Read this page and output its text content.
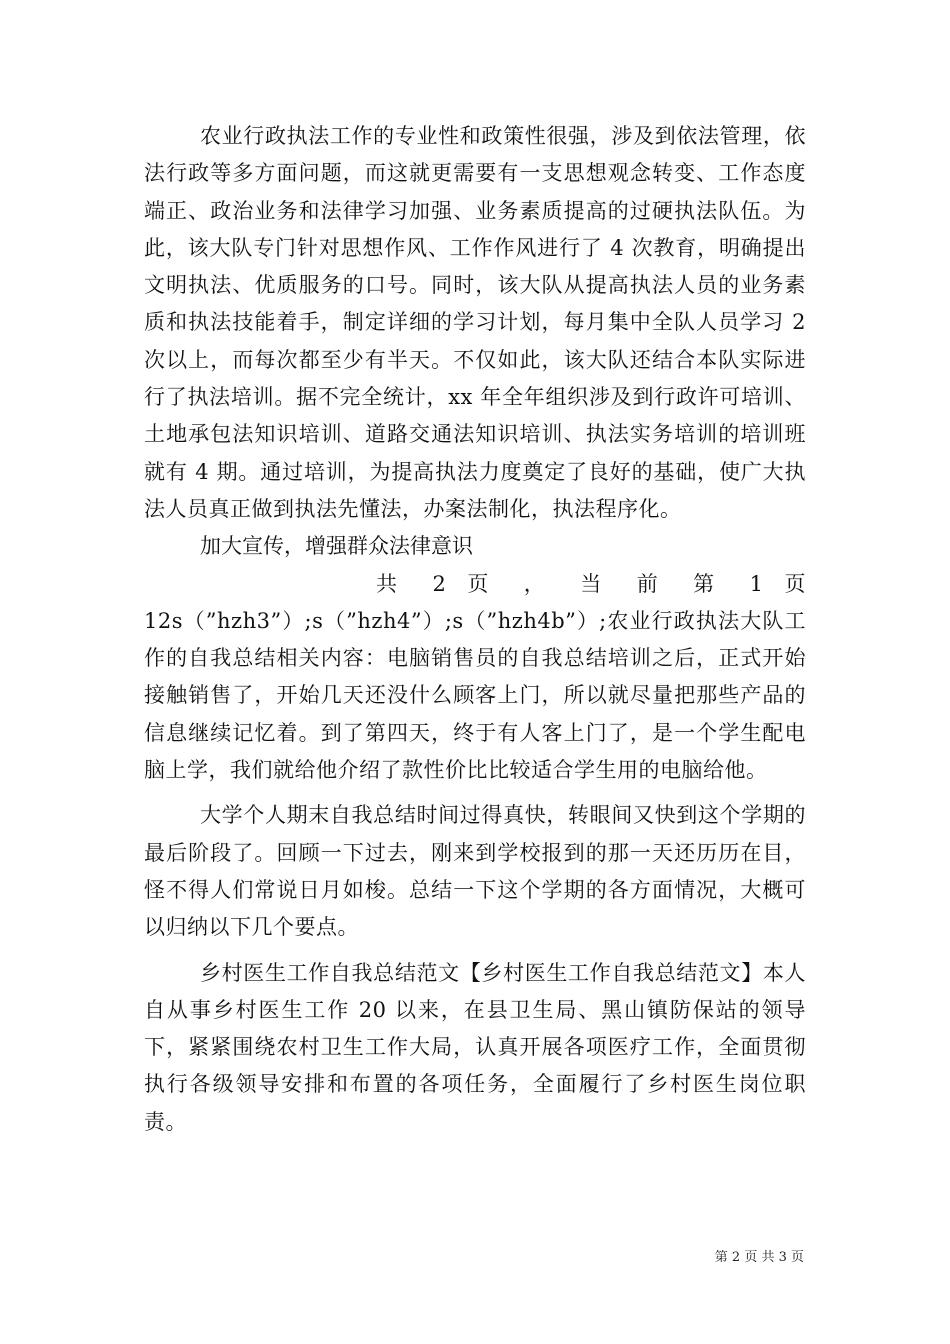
农业行政执法工作的专业性和政策性很强，涉及到依法管理，依法行政等多方面问题，而这就更需要有一支思想观念转变、工作态度端正、政治业务和法律学习加强、业务素质提高的过硬执法队伍。为此，该大队专门针对思想作风、工作作风进行了 4 次教育，明确提出文明执法、优质服务的口号。同时，该大队从提高执法人员的业务素质和执法技能着手，制定详细的学习计划，每月集中全队人员学习 2 次以上，而每次都至少有半天。不仅如此，该大队还结合本队实际进行了执法培训。据不完全统计，xx 年全年组织涉及到行政许可培训、土地承包法知识培训、道路交通法知识培训、执法实务培训的培训班就有 4 期。通过培训，为提高执法力度奠定了良好的基础，使广大执法人员真正做到执法先懂法，办案法制化，执法程序化。

加大宣传，增强群众法律意识

共 2 页 ， 当 前 第 1 页

12s（”hzh3”）;s（”hzh4”）;s（”hzh4b”）;农业行政执法大队工作的自我总结相关内容：电脑销售员的自我总结培训之后，正式开始接触销售了，开始几天还没什么顾客上门，所以就尽量把那些产品的信息继续记忆着。到了第四天，终于有人客上门了，是一个学生配电脑上学，我们就给他介绍了款性价比比较适合学生用的电脑给他。

大学个人期末自我总结时间过得真快，转眼间又快到这个学期的最后阶段了。回顾一下过去，刚来到学校报到的那一天还历历在目，怪不得人们常说日月如梭。总结一下这个学期的各方面情况，大概可以归纳以下几个要点。

乡村医生工作自我总结范文【乡村医生工作自我总结范文】本人自从事乡村医生工作 20 以来，在县卫生局、黑山镇防保站的领导下，紧紧围绕农村卫生工作大局，认真开展各项医疗工作，全面贯彻执行各级领导安排和布置的各项任务，全面履行了乡村医生岗位职责。

第 2 页 共 3 页
